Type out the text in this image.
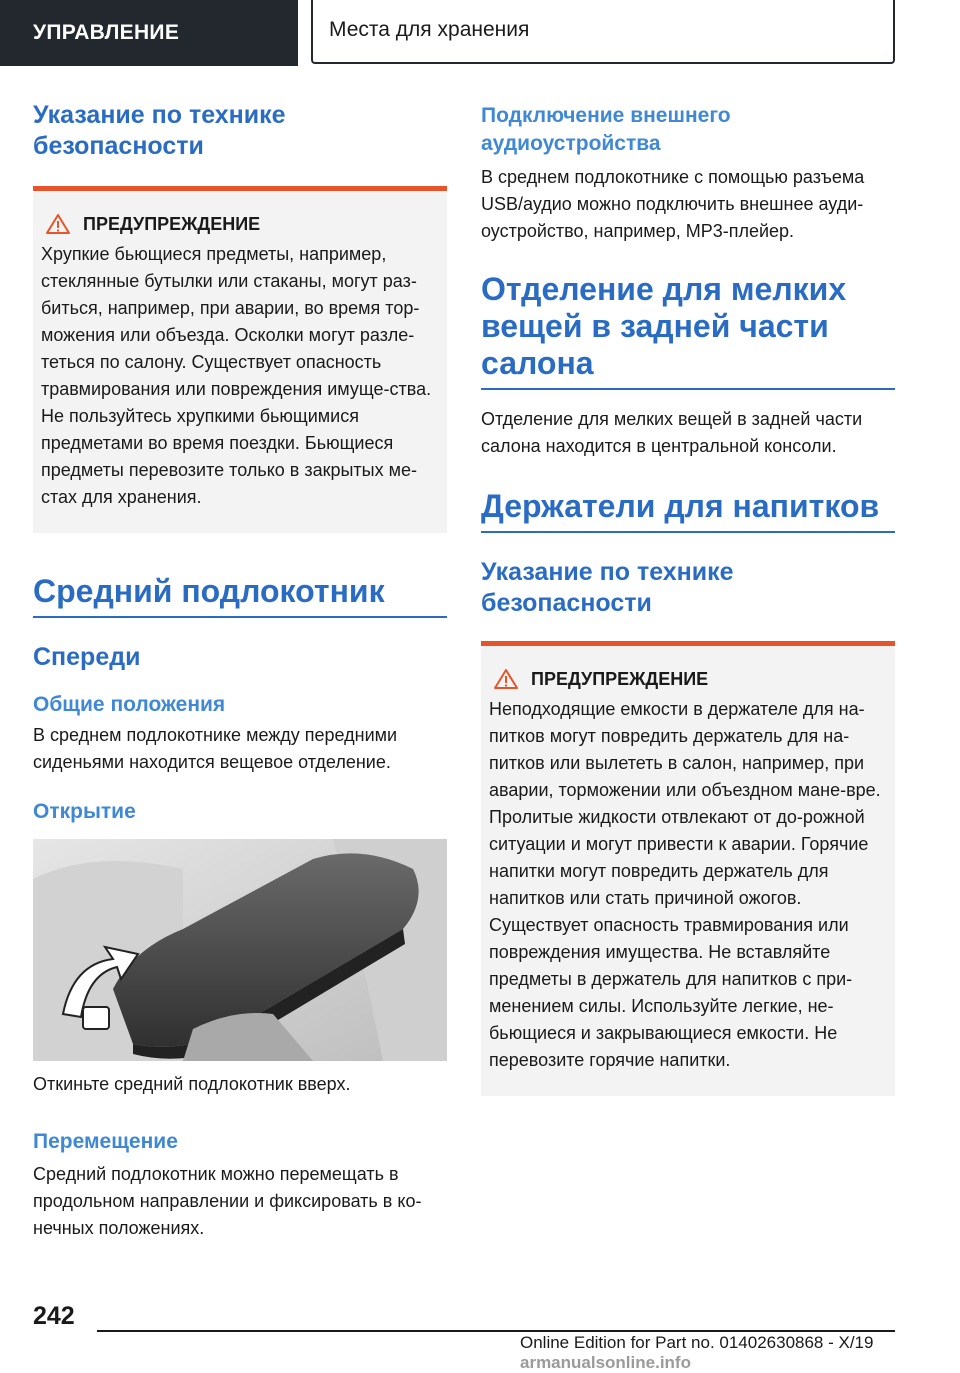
УПРАВЛЕНИЕ	Места для хранения
Указание по технике безопасности
ПРЕДУПРЕЖДЕНИЕ

Хрупкие бьющиеся предметы, например, стеклянные бутылки или стаканы, могут раз-биться, например, при аварии, во время тор-можения или объезда. Осколки могут разле-теться по салону. Существует опасность травмирования или повреждения имуще-ства. Не пользуйтесь хрупкими бьющимися предметами во время поездки. Бьющиеся предметы перевозите только в закрытых ме-стах для хранения.

Средний подлокотник
Спереди
Общие положения

В среднем подлокотнике между передними сиденьями находится вещевое отделение.

Открытие

Откиньте средний подлокотник вверх.

Перемещение

Средний подлокотник можно перемещать в продольном направлении и фиксировать в ко-нечных положениях.

Подключение внешнего аудиоустройства

В среднем подлокотнике с помощью разъема USB/аудио можно подключить внешнее ауди-оустройство, например, MP3-плейер.

Отделение для мелких вещей в задней части салона

Отделение для мелких вещей в задней части салона находится в центральной консоли.

Держатели для напитков
Указание по технике безопасности
ПРЕДУПРЕЖДЕНИЕ

Неподходящие емкости в держателе для на-питков могут повредить держатель для на-питков или вылететь в салон, например, при аварии, торможении или объездном мане-вре. Пролитые жидкости отвлекают от до-рожной ситуации и могут привести к аварии. Горячие напитки могут повредить держатель для напитков или стать причиной ожогов. Существует опасность травмирования или повреждения имущества. Не вставляйте предметы в держатель для напитков с при-менением силы. Используйте легкие, не-бьющиеся и закрывающиеся емкости. Не перевозите горячие напитки.

242
Online Edition for Part no. 01402630868 - X/19 armanualsonline.info
